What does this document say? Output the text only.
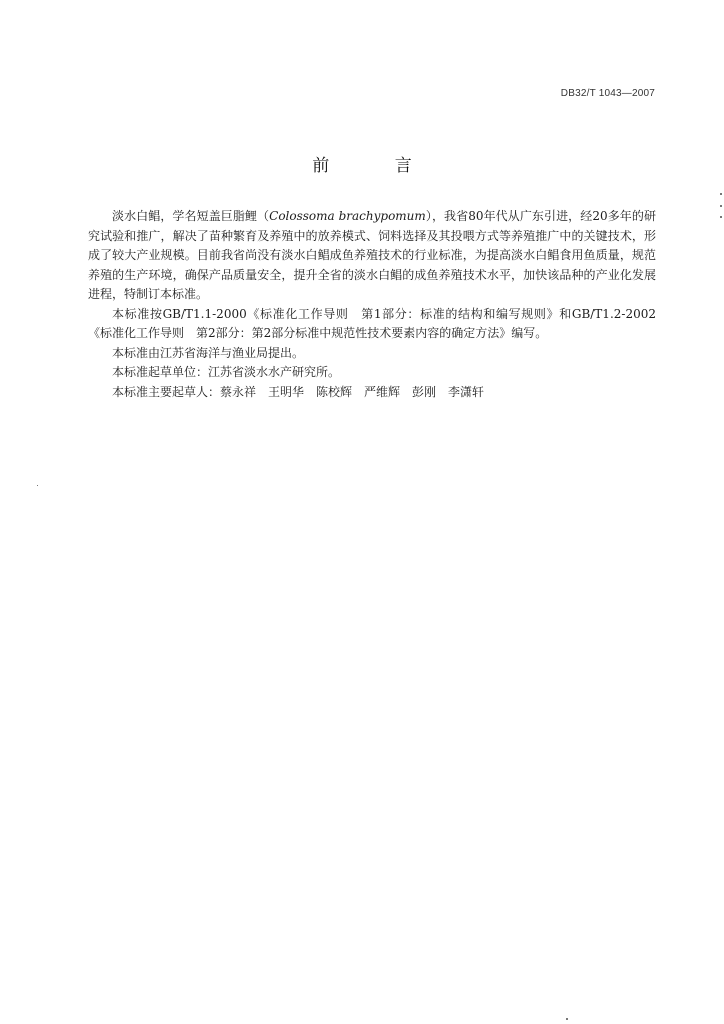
DB32/T 1043—2007
前 言

淡水白鲳，学名短盖巨脂鲤（Colossoma brachypomum），我省80年代从广东引进，经20多年的研究试验和推广，解决了苗种繁育及养殖中的放养模式、饲料选择及其投喂方式等养殖推广中的关键技术，形成了较大产业规模。目前我省尚没有淡水白鲳成鱼养殖技术的行业标准，为提高淡水白鲳食用鱼质量，规范养殖的生产环境，确保产品质量安全，提升全省的淡水白鲳的成鱼养殖技术水平，加快该品种的产业化发展进程，特制订本标准。

本标准按GB/T1.1-2000《标准化工作导则　第1部分：标准的结构和编写规则》和GB/T1.2-2002《标准化工作导则　第2部分：第2部分标准中规范性技术要素内容的确定方法》编写。

本标准由江苏省海洋与渔业局提出。

本标准起草单位：江苏省淡水水产研究所。

本标准主要起草人：蔡永祥　王明华　陈校辉　严维辉　彭刚　李潇轩
